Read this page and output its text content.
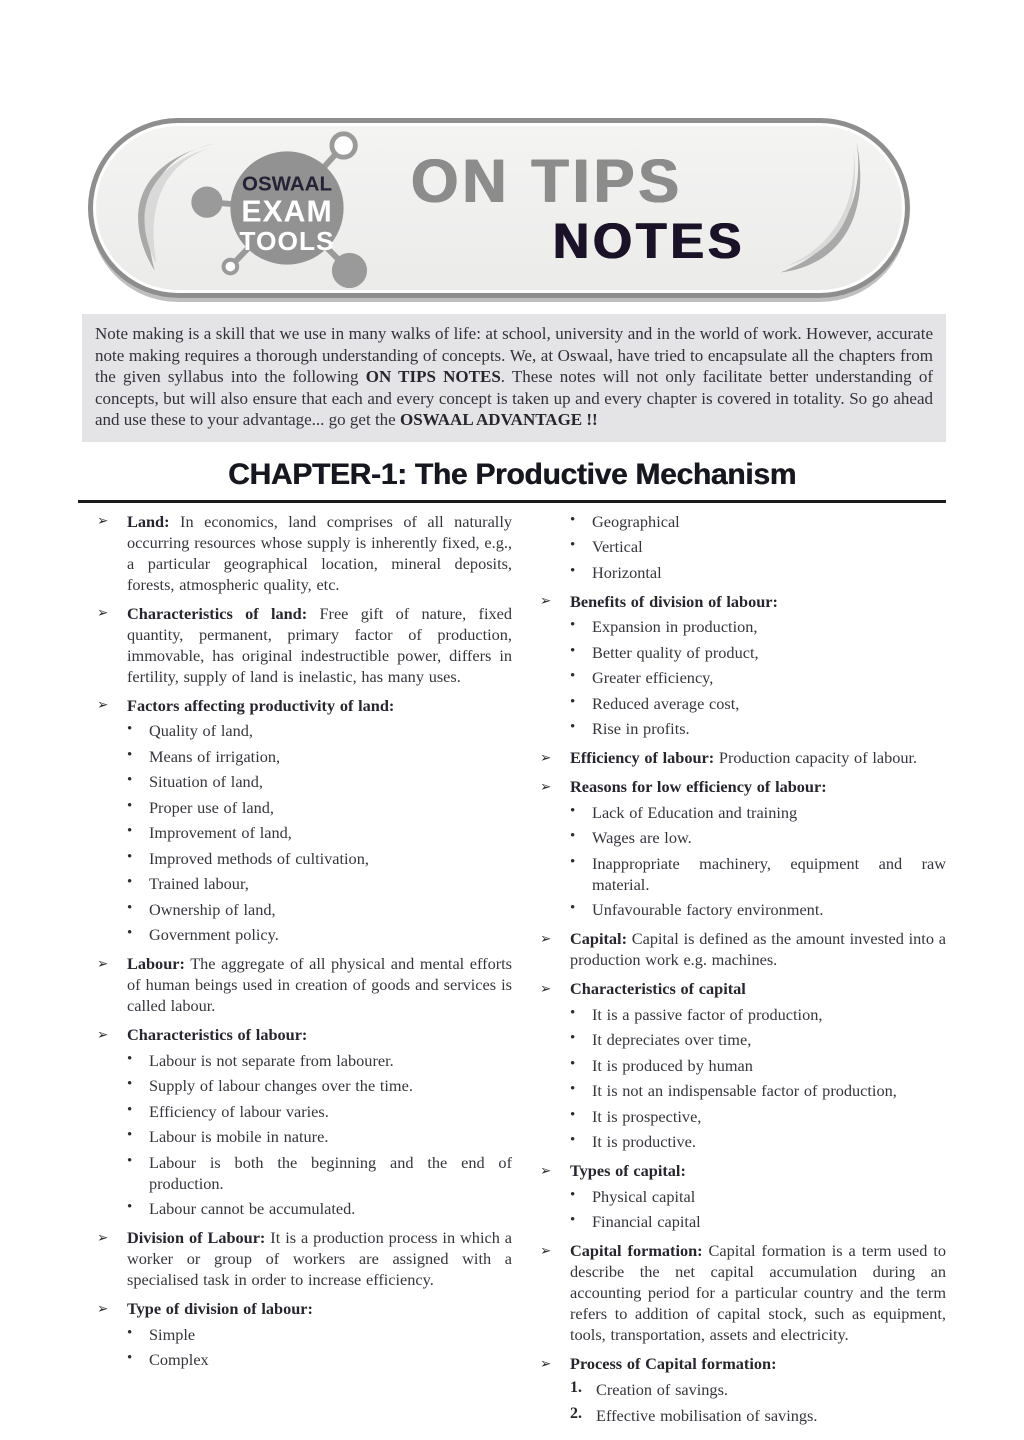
OSWAAL
EXAM
TOOLS
ON TIPS
NOTES

Note making is a skill that we use in many walks of life: at school, university and in the world of work. However, accurate note making requires a thorough understanding of concepts. We, at Oswaal, have tried to encapsulate all the chapters from the given syllabus into the following ON TIPS NOTES. These notes will not only facilitate better understanding of concepts, but will also ensure that each and every concept is taken up and every chapter is covered in totality. So go ahead and use these to your advantage... go get the OSWAAL ADVANTAGE !!

CHAPTER-1: The Productive Mechanism
➢	Land: In economics, land comprises of all naturally occurring resources whose supply is inherently fixed, e.g., a particular geographical location, mineral deposits, forests, atmospheric quality, etc.
➢	Characteristics of land: Free gift of nature, fixed quantity, permanent, primary factor of production, immovable, has original indestructible power, differs in fertility, supply of land is inelastic, has many uses.
➢	Factors affecting productivity of land:
•	Quality of land,
•	Means of irrigation,
•	Situation of land,
•	Proper use of land,
•	Improvement of land,
•	Improved methods of cultivation,
•	Trained labour,
•	Ownership of land,
•	Government policy.
➢	Labour: The aggregate of all physical and mental efforts of human beings used in creation of goods and services is called labour.
➢	Characteristics of labour:
•	Labour is not separate from labourer.
•	Supply of labour changes over the time.
•	Efficiency of labour varies.
•	Labour is mobile in nature.
•	Labour is both the beginning and the end of production.
•	Labour cannot be accumulated.
➢	Division of Labour: It is a production process in which a worker or group of workers are assigned with a specialised task in order to increase efficiency.
➢	Type of division of labour:
•	Simple
•	Complex
•	Geographical
•	Vertical
•	Horizontal
➢	Benefits of division of labour:
•	Expansion in production,
•	Better quality of product,
•	Greater efficiency,
•	Reduced average cost,
•	Rise in profits.
➢	Efficiency of labour: Production capacity of labour.
➢	Reasons for low efficiency of labour:
•	Lack of Education and training
•	Wages are low.
•	Inappropriate machinery, equipment and raw material.
•	Unfavourable factory environment.
➢	Capital: Capital is defined as the amount invested into a production work e.g. machines.
➢	Characteristics of capital
•	It is a passive factor of production,
•	It depreciates over time,
•	It is produced by human
•	It is not an indispensable factor of production,
•	It is prospective,
•	It is productive.
➢	Types of capital:
•	Physical capital
•	Financial capital
➢	Capital formation: Capital formation is a term used to describe the net capital accumulation during an accounting period for a particular country and the term refers to addition of capital stock, such as equipment, tools, transportation, assets and electricity.
➢	Process of Capital formation:
1. Creation of savings.
2. Effective mobilisation of savings.
